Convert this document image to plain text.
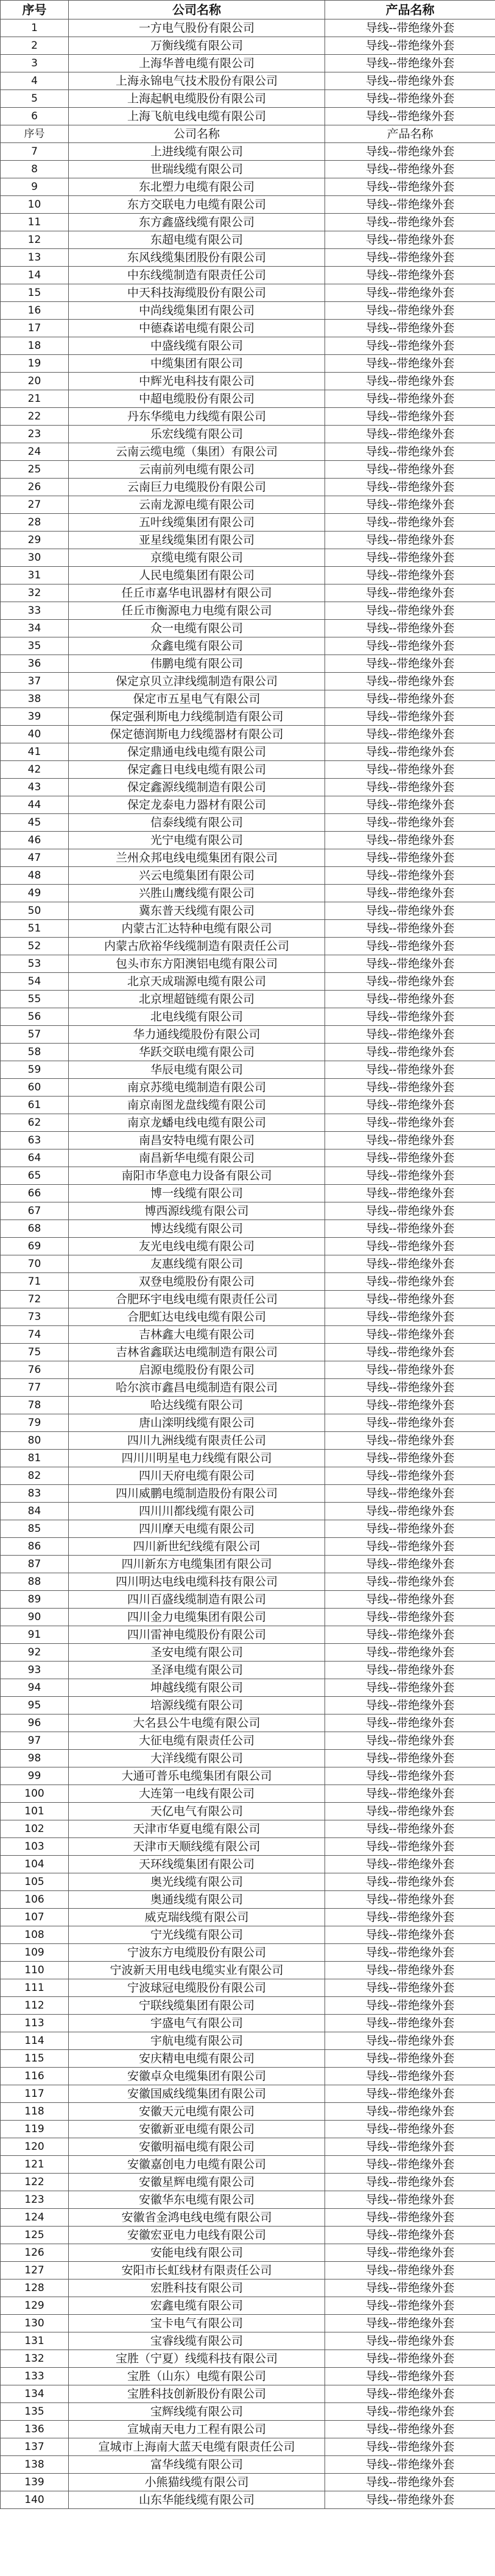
序号	公司名称	产品名称
1	一方电气股份有限公司	导线--带绝缘外套
2	万衡线缆有限公司	导线--带绝缘外套
3	上海华普电缆有限公司	导线--带绝缘外套
4	上海永锦电气技术股份有限公司	导线--带绝缘外套
5	上海起帆电缆股份有限公司	导线--带绝缘外套
6	上海飞航电线电缆有限公司	导线--带绝缘外套
序号	公司名称	产品名称
7	上进线缆有限公司	导线--带绝缘外套
8	世瑞线缆有限公司	导线--带绝缘外套
9	东北塑力电缆有限公司	导线--带绝缘外套
10	东方交联电力电缆有限公司	导线--带绝缘外套
11	东方鑫盛线缆有限公司	导线--带绝缘外套
12	东超电缆有限公司	导线--带绝缘外套
13	东风线缆集团股份有限公司	导线--带绝缘外套
14	中东线缆制造有限责任公司	导线--带绝缘外套
15	中天科技海缆股份有限公司	导线--带绝缘外套
16	中尚线缆集团有限公司	导线--带绝缘外套
17	中德森诺电缆有限公司	导线--带绝缘外套
18	中盛线缆有限公司	导线--带绝缘外套
19	中缆集团有限公司	导线--带绝缘外套
20	中辉光电科技有限公司	导线--带绝缘外套
21	中超电缆股份有限公司	导线--带绝缘外套
22	丹东华缆电力线缆有限公司	导线--带绝缘外套
23	乐宏线缆有限公司	导线--带绝缘外套
24	云南云缆电缆（集团）有限公司	导线--带绝缘外套
25	云南前列电缆有限公司	导线--带绝缘外套
26	云南巨力电缆股份有限公司	导线--带绝缘外套
27	云南龙源电缆有限公司	导线--带绝缘外套
28	五叶线缆集团有限公司	导线--带绝缘外套
29	亚星线缆集团有限公司	导线--带绝缘外套
30	京缆电缆有限公司	导线--带绝缘外套
31	人民电缆集团有限公司	导线--带绝缘外套
32	任丘市嘉华电讯器材有限公司	导线--带绝缘外套
33	任丘市衡源电力电缆有限公司	导线--带绝缘外套
34	众一电缆有限公司	导线--带绝缘外套
35	众鑫电缆有限公司	导线--带绝缘外套
36	伟鹏电缆有限公司	导线--带绝缘外套
37	保定京贝立津线缆制造有限公司	导线--带绝缘外套
38	保定市五星电气有限公司	导线--带绝缘外套
39	保定强利斯电力线缆制造有限公司	导线--带绝缘外套
40	保定德润斯电力线缆器材有限公司	导线--带绝缘外套
41	保定鼎通电线电缆有限公司	导线--带绝缘外套
42	保定鑫日电线电缆有限公司	导线--带绝缘外套
43	保定鑫源线缆制造有限公司	导线--带绝缘外套
44	保定龙泰电力器材有限公司	导线--带绝缘外套
45	信泰线缆有限公司	导线--带绝缘外套
46	光宁电缆有限公司	导线--带绝缘外套
47	兰州众邦电线电缆集团有限公司	导线--带绝缘外套
48	兴云电缆集团有限公司	导线--带绝缘外套
49	兴胜山鹰线缆有限公司	导线--带绝缘外套
50	冀东普天线缆有限公司	导线--带绝缘外套
51	内蒙古汇达特种电缆有限公司	导线--带绝缘外套
52	内蒙古欣裕华线缆制造有限责任公司	导线--带绝缘外套
53	包头市东方阳澳铝电缆有限公司	导线--带绝缘外套
54	北京天成瑞源电缆有限公司	导线--带绝缘外套
55	北京埋超链缆有限公司	导线--带绝缘外套
56	北电线缆有限公司	导线--带绝缘外套
57	华力通线缆股份有限公司	导线--带绝缘外套
58	华跃交联电缆有限公司	导线--带绝缘外套
59	华辰电缆有限公司	导线--带绝缘外套
60	南京苏缆电缆制造有限公司	导线--带绝缘外套
61	南京南图龙盘线缆有限公司	导线--带绝缘外套
62	南京龙蟠电线电缆有限公司	导线--带绝缘外套
63	南昌安特电缆有限公司	导线--带绝缘外套
64	南昌新华电缆有限公司	导线--带绝缘外套
65	南阳市华意电力设备有限公司	导线--带绝缘外套
66	博一线缆有限公司	导线--带绝缘外套
67	博西源线缆有限公司	导线--带绝缘外套
68	博达线缆有限公司	导线--带绝缘外套
69	友光电线电缆有限公司	导线--带绝缘外套
70	友惠线缆有限公司	导线--带绝缘外套
71	双登电缆股份有限公司	导线--带绝缘外套
72	合肥环宇电线电缆有限责任公司	导线--带绝缘外套
73	合肥虹达电线电缆有限公司	导线--带绝缘外套
74	吉林鑫大电缆有限公司	导线--带绝缘外套
75	吉林省鑫联达电缆制造有限公司	导线--带绝缘外套
76	启源电缆股份有限公司	导线--带绝缘外套
77	哈尔滨市鑫昌电缆制造有限公司	导线--带绝缘外套
78	哈达线缆有限公司	导线--带绝缘外套
79	唐山滦明线缆有限公司	导线--带绝缘外套
80	四川九洲线缆有限责任公司	导线--带绝缘外套
81	四川川明星电力线缆有限公司	导线--带绝缘外套
82	四川天府电缆有限公司	导线--带绝缘外套
83	四川威鹏电缆制造股份有限公司	导线--带绝缘外套
84	四川川都线缆有限公司	导线--带绝缘外套
85	四川摩天电缆有限公司	导线--带绝缘外套
86	四川新世纪线缆有限公司	导线--带绝缘外套
87	四川新东方电缆集团有限公司	导线--带绝缘外套
88	四川明达电线电缆科技有限公司	导线--带绝缘外套
89	四川百盛线缆制造有限公司	导线--带绝缘外套
90	四川金力电缆集团有限公司	导线--带绝缘外套
91	四川雷神电缆股份有限公司	导线--带绝缘外套
92	圣安电缆有限公司	导线--带绝缘外套
93	圣泽电缆有限公司	导线--带绝缘外套
94	坤越线缆有限公司	导线--带绝缘外套
95	培源线缆有限公司	导线--带绝缘外套
96	大名县公牛电缆有限公司	导线--带绝缘外套
97	大征电缆有限责任公司	导线--带绝缘外套
98	大洋线缆有限公司	导线--带绝缘外套
99	大通可普乐电缆集团有限公司	导线--带绝缘外套
100	大连第一电线有限公司	导线--带绝缘外套
101	天亿电气有限公司	导线--带绝缘外套
102	天津市华夏电缆有限公司	导线--带绝缘外套
103	天津市天顺线缆有限公司	导线--带绝缘外套
104	天环线缆集团有限公司	导线--带绝缘外套
105	奥光线缆有限公司	导线--带绝缘外套
106	奥通线缆有限公司	导线--带绝缘外套
107	威克瑞线缆有限公司	导线--带绝缘外套
108	宁光线缆有限公司	导线--带绝缘外套
109	宁波东方电缆股份有限公司	导线--带绝缘外套
110	宁波新天用电线电缆实业有限公司	导线--带绝缘外套
111	宁波球冠电缆股份有限公司	导线--带绝缘外套
112	宁联线缆集团有限公司	导线--带绝缘外套
113	宇盛电气有限公司	导线--带绝缘外套
114	宇航电缆有限公司	导线--带绝缘外套
115	安庆精电电缆有限公司	导线--带绝缘外套
116	安徽卓众电缆集团有限公司	导线--带绝缘外套
117	安徽国威线缆集团有限公司	导线--带绝缘外套
118	安徽天元电缆有限公司	导线--带绝缘外套
119	安徽新亚电缆有限公司	导线--带绝缘外套
120	安徽明福电缆有限公司	导线--带绝缘外套
121	安徽嘉创电力电缆有限公司	导线--带绝缘外套
122	安徽星辉电缆有限公司	导线--带绝缘外套
123	安徽华东电缆有限公司	导线--带绝缘外套
124	安徽省金鸿电线电缆有限公司	导线--带绝缘外套
125	安徽宏亚电力电线有限公司	导线--带绝缘外套
126	安能电线有限公司	导线--带绝缘外套
127	安阳市长虹线材有限责任公司	导线--带绝缘外套
128	宏胜科技有限公司	导线--带绝缘外套
129	宏鑫电缆有限公司	导线--带绝缘外套
130	宝卡电气有限公司	导线--带绝缘外套
131	宝睿线缆有限公司	导线--带绝缘外套
132	宝胜（宁夏）线缆科技有限公司	导线--带绝缘外套
133	宝胜（山东）电缆有限公司	导线--带绝缘外套
134	宝胜科技创新股份有限公司	导线--带绝缘外套
135	宝辉线缆有限公司	导线--带绝缘外套
136	宣城南天电力工程有限公司	导线--带绝缘外套
137	宣城市上海南大蓝天电缆有限责任公司	导线--带绝缘外套
138	富华线缆有限公司	导线--带绝缘外套
139	小熊猫线缆有限公司	导线--带绝缘外套
140	山东华能线缆有限公司	导线--带绝缘外套
